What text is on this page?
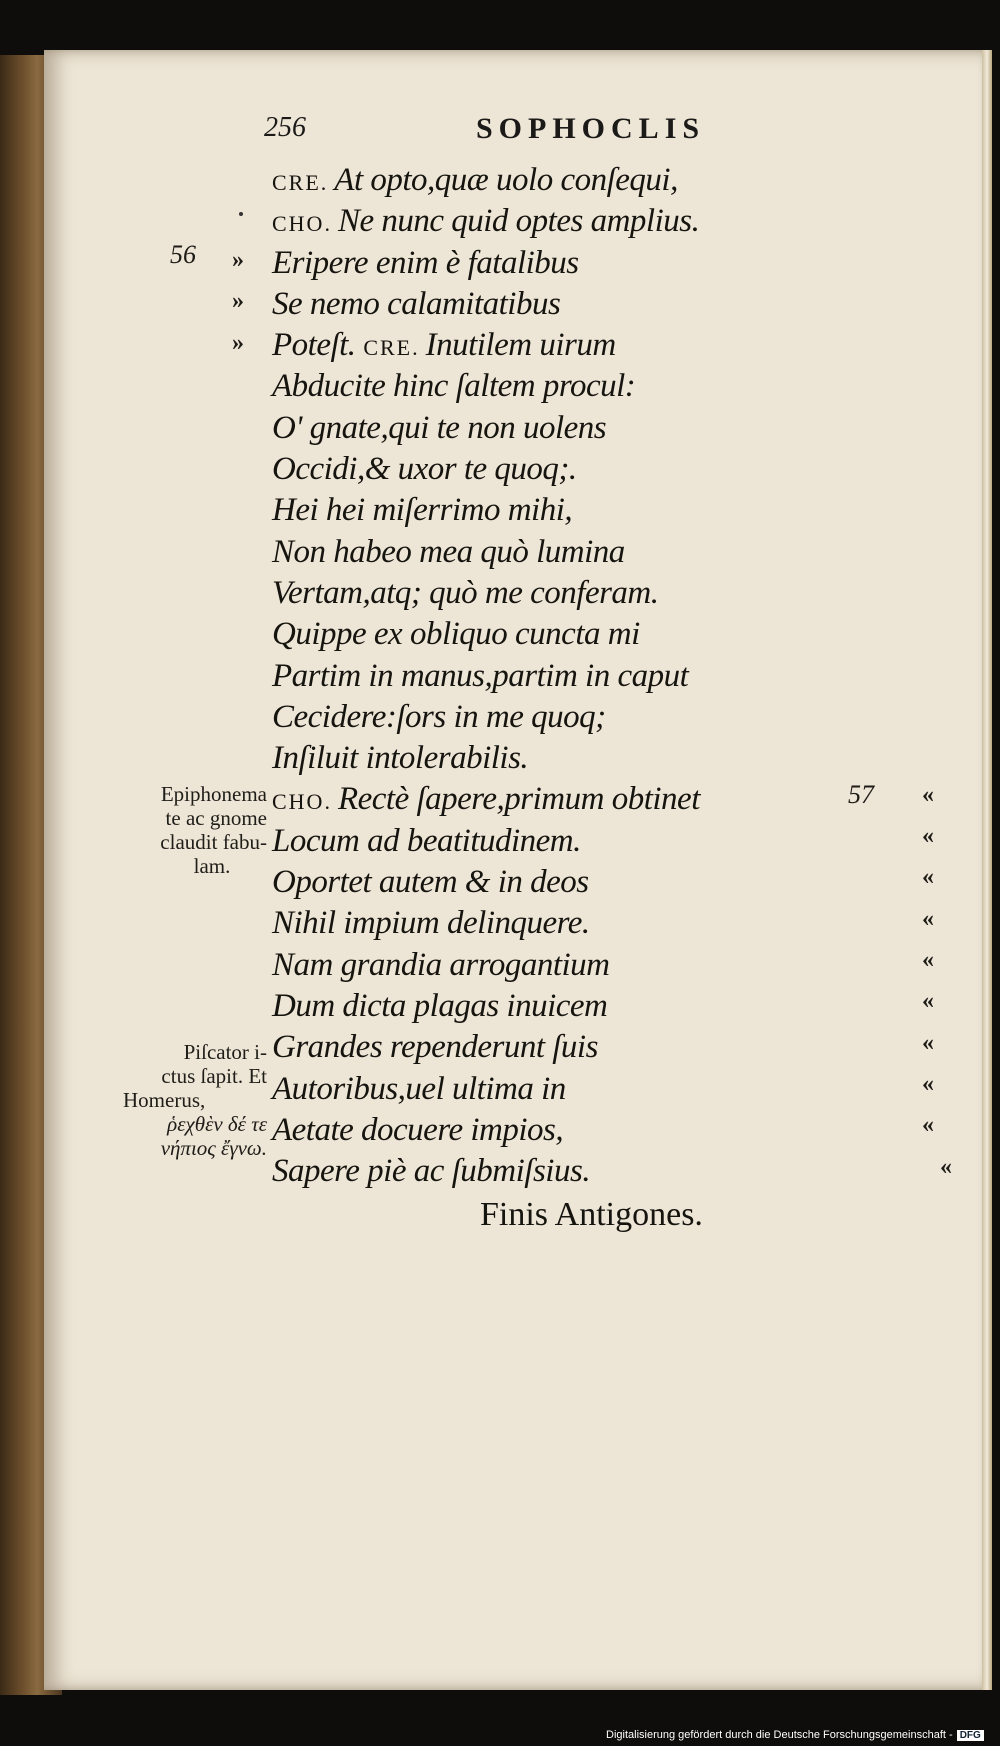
256	SOPHOCLIS
56
57
»
»
»
«
«
«
«
«
«
«
«
«
«
CRE. At opto,quæ uolo conſequi,
CHO. Ne nunc quid optes amplius.
Eripere enim è fatalibus
Se nemo calamitatibus
Poteſt. CRE. Inutilem uirum
Abducite hinc ſaltem procul:
O' gnate,qui te non uolens
Occidi,& uxor te quoq;.
Hei hei miſerrimo mihi,
Non habeo mea quò lumina
Vertam,atq; quò me conferam.
Quippe ex obliquo cuncta mi
Partim in manus,partim in caput
Cecidere:ſors in me quoq;
Inſiluit intolerabilis.
CHO. Rectè ſapere,primum obtinet
Locum ad beatitudinem.
Oportet autem & in deos
Nihil impium delinquere.
Nam grandia arrogantium
Dum dicta plagas inuicem
Grandes rependerunt ſuis
Autoribus,uel ultima in
Aetate docuere impios,
Sapere piè ac ſubmiſsius.
Epiphonema
te ac gnome
claudit fabu-
lam.
Piſcator i-
ctus ſapit. Et
Homerus,
ῥεχθὲν δέ τε
νήπιος ἔγνω.
Finis Antigones.
Digitalisierung gefördert durch die Deutsche Forschungsgemeinschaft - DFG
